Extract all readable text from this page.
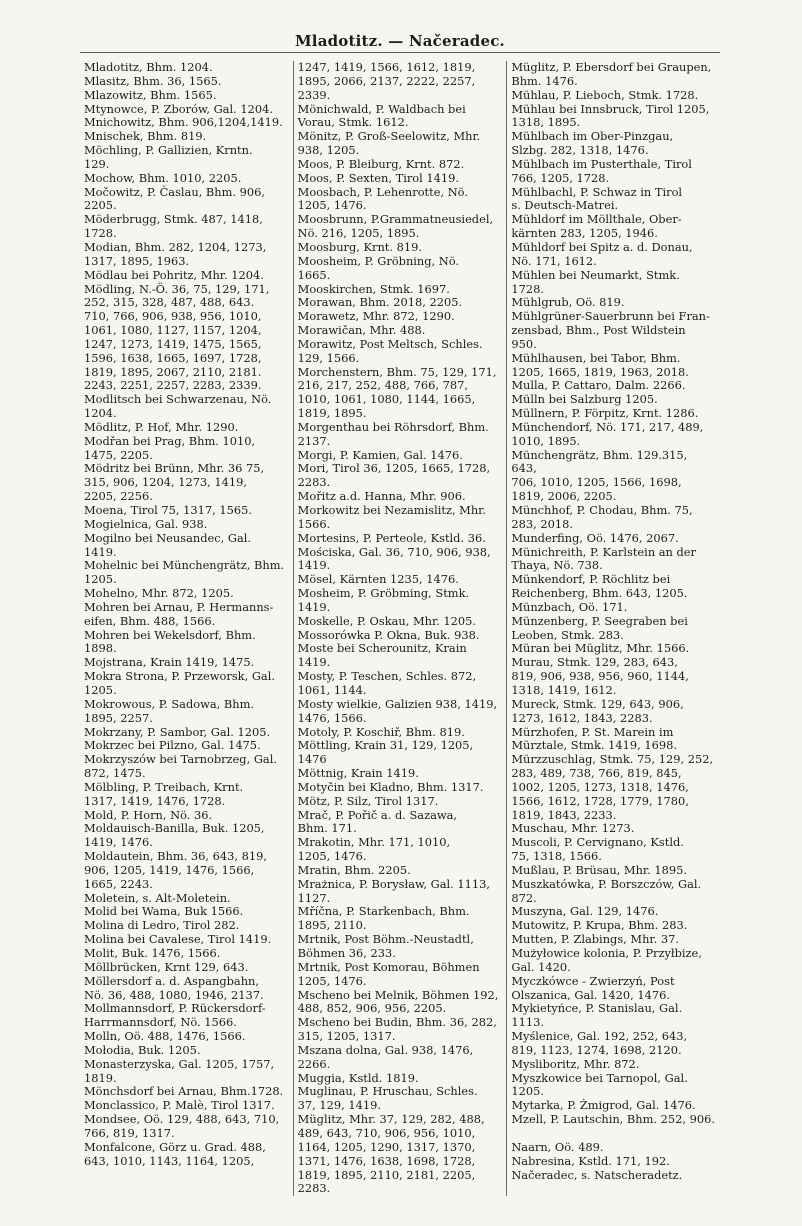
Mladotitz. — Načeradec.
Mladotitz, Bhm. 1204.
Mlasitz, Bhm. 36, 1565.
Mlazowitz, Bhm. 1565.
Mtynowce, P. Zborów, Gal. 1204.
Mnichowitz, Bhm. 906,1204,1419.
Mnischek, Bhm. 819.
Möchling, P. Gallizien, Krntn.
129.
Mochow, Bhm. 1010, 2205.
Močowitz, P. Časlau, Bhm. 906,
2205.
Möderbrugg, Stmk. 487, 1418,
1728.
Modian, Bhm. 282, 1204, 1273,
1317, 1895, 1963.
Mödlau bei Pohritz, Mhr. 1204.
Mödling, N.-Ö. 36, 75, 129, 171,
252, 315, 328, 487, 488, 643.
710, 766, 906, 938, 956, 1010,
1061, 1080, 1127, 1157, 1204,
1247, 1273, 1419, 1475, 1565,
1596, 1638, 1665, 1697, 1728,
1819, 1895, 2067, 2110, 2181.
2243, 2251, 2257, 2283, 2339.
Modlitsch bei Schwarzenau, Nö.
1204.
Mödlitz, P. Hof, Mhr. 1290.
Modřan bei Prag, Bhm. 1010,
1475, 2205.
Mödritz bei Brünn, Mhr. 36 75,
315, 906, 1204, 1273, 1419,
2205, 2256.
Moena, Tirol 75, 1317, 1565.
Mogielnica, Gal. 938.
Mogilno bei Neusandec, Gal.
1419.
Mohelnic bei Münchengrätz, Bhm.
1205.
Mohelno, Mhr. 872, 1205.
Mohren bei Arnau, P. Hermanns-
eifen, Bhm. 488, 1566.
Mohren bei Wekelsdorf, Bhm.
1898.
Mojstrana, Krain 1419, 1475.
Mokra Strona, P. Przeworsk, Gal.
1205.
Mokrowous, P. Sadowa, Bhm.
1895, 2257.
Mokrzany, P. Sambor, Gal. 1205.
Mokrzec bei Pilzno, Gal. 1475.
Mokrzyszów bei Tarnobrzeg, Gal.
872, 1475.
Mölbling, P. Treibach, Krnt.
1317, 1419, 1476, 1728.
Mold, P. Horn, Nö. 36.
Moldauisch-Banilla, Buk. 1205,
1419, 1476.
Moldautein, Bhm. 36, 643, 819,
906, 1205, 1419, 1476, 1566,
1665, 2243.
Moletein, s. Alt-Moletein.
Molid bei Wama, Buk 1566.
Molina di Ledro, Tirol 282.
Molina bei Cavalese, Tirol 1419.
Molit, Buk. 1476, 1566.
Möllbrücken, Krnt 129, 643.
Möllersdorf a. d. Aspangbahn,
Nö. 36, 488, 1080, 1946, 2137.
Mollmannsdorf, P. Rückersdorf-
Harrmannsdorf, Nö. 1566.
Molln, Oö. 488, 1476, 1566.
Mołodia, Buk. 1205.
Monasterzyska, Gal. 1205, 1757,
1819.
Mönchsdorf bei Arnau, Bhm.1728.
Monclassico, P. Malè, Tirol 1317.
Mondsee, Oö. 129, 488, 643, 710,
766, 819, 1317.
Monfalcone, Görz u. Grad. 488,
643, 1010, 1143, 1164, 1205,
1247, 1419, 1566, 1612, 1819,
1895, 2066, 2137, 2222, 2257,
2339.
Mönichwald, P. Waldbach bei
Vorau, Stmk. 1612.
Mönitz, P. Groß-Seelowitz, Mhr.
938, 1205.
Moos, P. Bleiburg, Krnt. 872.
Moos, P. Sexten, Tirol 1419.
Moosbach, P. Lehenrotte, Nö.
1205, 1476.
Moosbrunn, P.Grammatneusiedel,
Nö. 216, 1205, 1895.
Moosburg, Krnt. 819.
Moosheim, P. Gröbning, Nö.
1665.
Mooskirchen, Stmk. 1697.
Morawan, Bhm. 2018, 2205.
Morawetz, Mhr. 872, 1290.
Morawičan, Mhr. 488.
Morawitz, Post Meltsch, Schles.
129, 1566.
Morchenstern, Bhm. 75, 129, 171,
216, 217, 252, 488, 766, 787,
1010, 1061, 1080, 1144, 1665,
1819, 1895.
Morgenthau bei Röhrsdorf, Bhm.
2137.
Morgi, P. Kamien, Gal. 1476.
Mori, Tirol 36, 1205, 1665, 1728,
2283.
Mořitz a.d. Hanna, Mhr. 906.
Morkowitz bei Nezamislitz, Mhr.
1566.
Mortesins, P. Perteole, Kstld. 36.
Mościska, Gal. 36, 710, 906, 938,
1419.
Mösel, Kärnten 1235, 1476.
Mosheim, P. Gröbming, Stmk.
1419.
Moskelle, P. Oskau, Mhr. 1205.
Mossorówka P. Okna, Buk. 938.
Moste bei Scherounitz, Krain 1419.
Mosty, P. Teschen, Schles. 872,
1061, 1144.
Mosty wielkie, Galizien 938, 1419,
1476, 1566.
Motoly, P. Koschiř, Bhm. 819.
Möttling, Krain 31, 129, 1205,
1476
Möttnig, Krain 1419.
Motyčin bei Kladno, Bhm. 1317.
Mötz, P. Silz, Tirol 1317.
Mrač, P. Pořič a. d. Sazawa,
Bhm. 171.
Mrakotin, Mhr. 171, 1010,
1205, 1476.
Mratin, Bhm. 2205.
Mrażnica, P. Borysław, Gal. 1113,
1127.
Mříčna, P. Starkenbach, Bhm.
1895, 2110.
Mrtnik, Post Böhm.-Neustadtl,
Böhmen 36, 233.
Mrtnik, Post Komorau, Böhmen
1205, 1476.
Mscheno bei Melnik, Böhmen 192,
488, 852, 906, 956, 2205.
Mscheno bei Budin, Bhm. 36, 282,
315, 1205, 1317.
Mszana dolna, Gal. 938, 1476, 2266.
Muggia, Kstld. 1819.
Muglinau, P. Hruschau, Schles.
37, 129, 1419.
Müglitz, Mhr. 37, 129, 282, 488,
489, 643, 710, 906, 956, 1010,
1164, 1205, 1290, 1317, 1370,
1371, 1476, 1638, 1698, 1728,
1819, 1895, 2110, 2181, 2205,
2283.
Müglitz, P. Ebersdorf bei Graupen,
Bhm. 1476.
Mühlau, P. Lieboch, Stmk. 1728.
Mühlau bei Innsbruck, Tirol 1205,
1318, 1895.
Mühlbach im Ober-Pinzgau,
Slzbg. 282, 1318, 1476.
Mühlbach im Pusterthale, Tirol
766, 1205, 1728.
Mühlbachl, P. Schwaz in Tirol
s. Deutsch-Matrei.
Mühldorf im Möllthale, Ober-
kärnten 283, 1205, 1946.
Mühldorf bei Spitz a. d. Donau,
Nö. 171, 1612.
Mühlen bei Neumarkt, Stmk. 1728.
Mühlgrub, Oö. 819.
Mühlgrüner-Sauerbrunn bei Fran-
zensbad, Bhm., Post Wildstein
950.
Mühlhausen, bei Tabor, Bhm.
1205, 1665, 1819, 1963, 2018.
Mulla, P. Cattaro, Dalm. 2266.
Mülln bei Salzburg 1205.
Müllnern, P. Förpitz, Krnt. 1286.
Münchendorf, Nö. 171, 217, 489,
1010, 1895.
Münchengrätz, Bhm. 129.315, 643,
706, 1010, 1205, 1566, 1698,
1819, 2006, 2205.
Münchhof, P. Chodau, Bhm. 75,
283, 2018.
Munderfing, Oö. 1476, 2067.
Münichreith, P. Karlstein an der
Thaya, Nö. 738.
Münkendorf, P. Röchlitz bei
Reichenberg, Bhm. 643, 1205.
Münzbach, Oö. 171.
Münzenberg, P. Seegraben bei
Leoben, Stmk. 283.
Müran bei Müglitz, Mhr. 1566.
Murau, Stmk. 129, 283, 643,
819, 906, 938, 956, 960, 1144,
1318, 1419, 1612.
Mureck, Stmk. 129, 643, 906,
1273, 1612, 1843, 2283.
Mürzhofen, P. St. Marein im
Mürztale, Stmk. 1419, 1698.
Mürzzuschlag, Stmk. 75, 129, 252,
283, 489, 738, 766, 819, 845,
1002, 1205, 1273, 1318, 1476,
1566, 1612, 1728, 1779, 1780,
1819, 1843, 2233.
Muschau, Mhr. 1273.
Muscoli, P. Cervignano, Kstld.
75, 1318, 1566.
Mußlau, P. Brüsau, Mhr. 1895.
Muszkatówka, P. Borszczów, Gal.
872.
Muszyna, Gal. 129, 1476.
Mutowitz, P. Krupa, Bhm. 283.
Mutten, P. Zlabings, Mhr. 37.
Mużyłowice kolonia, P. Przyłbize,
Gal. 1420.
Myczkówce - Zwierzyń, Post
Olszanica, Gal. 1420, 1476.
Mykietyńce, P. Stanislau, Gal.
1113.
Myślenice, Gal. 192, 252, 643,
819, 1123, 1274, 1698, 2120.
Mysliboritz, Mhr. 872.
Myszkowice bei Tarnopol, Gal.
1205.
Mytarka, P. Żmigrod, Gal. 1476.
Mzell, P. Lautschin, Bhm. 252, 906.

Naarn, Oö. 489.
Nabresina, Kstld. 171, 192.
Načeradec, s. Natscheradetz.
